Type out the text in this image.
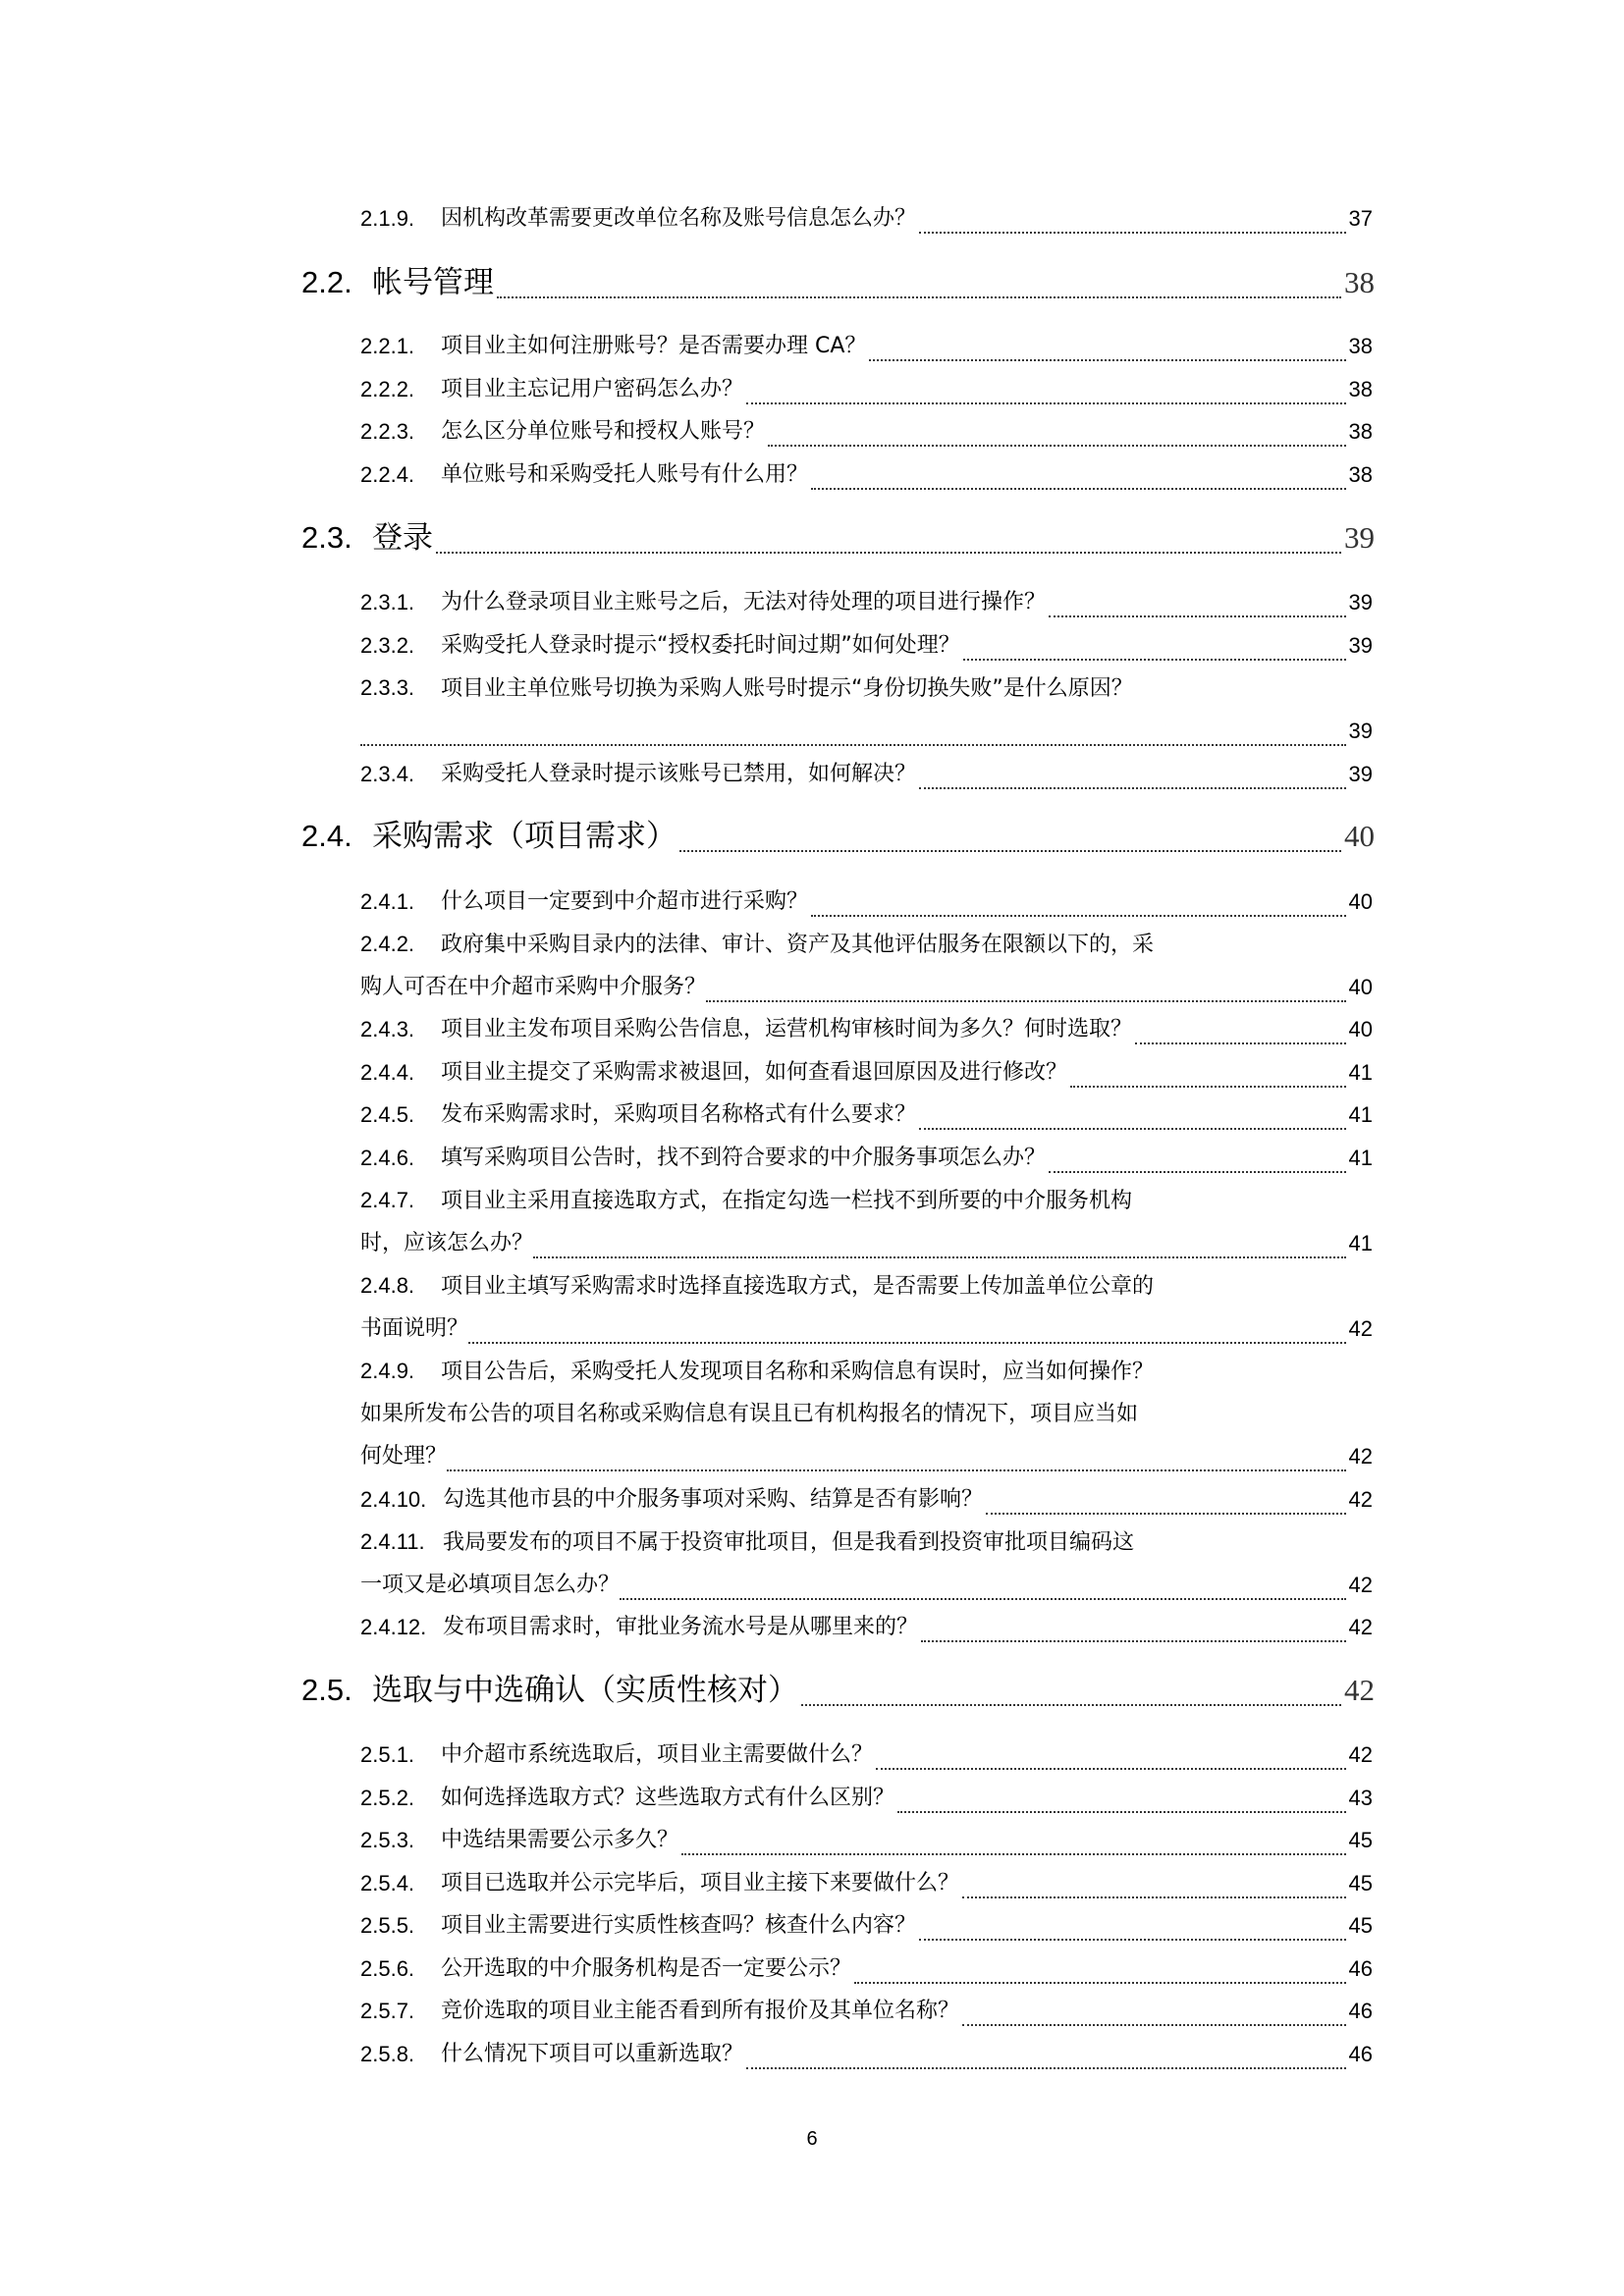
2.1.9.	因机构改革需要更改单位名称及账号信息怎么办？	37
2.2. 帐号管理	38
2.2.1.	项目业主如何注册账号？是否需要办理 CA？	38
2.2.2.	项目业主忘记用户密码怎么办？	38
2.2.3.	怎么区分单位账号和授权人账号？	38
2.2.4.	单位账号和采购受托人账号有什么用？	38
2.3. 登录	39
2.3.1.	为什么登录项目业主账号之后，无法对待处理的项目进行操作？	39
2.3.2.	采购受托人登录时提示“授权委托时间过期”如何处理？	39
2.3.3. 项目业主单位账号切换为采购人账号时提示“身份切换失败”是什么原因？
39
2.3.4.	采购受托人登录时提示该账号已禁用，如何解决？	39
2.4. 采购需求（项目需求）	40
2.4.1.	什么项目一定要到中介超市进行采购？	40
2.4.2. 政府集中采购目录内的法律、审计、资产及其他评估服务在限额以下的，采
购人可否在中介超市采购中介服务？	40
2.4.3.	项目业主发布项目采购公告信息，运营机构审核时间为多久？何时选取？	40
2.4.4.	项目业主提交了采购需求被退回，如何查看退回原因及进行修改？	41
2.4.5.	发布采购需求时，采购项目名称格式有什么要求？	41
2.4.6.	填写采购项目公告时，找不到符合要求的中介服务事项怎么办？	41
2.4.7. 项目业主采用直接选取方式，在指定勾选一栏找不到所要的中介服务机构
时，应该怎么办？	41
2.4.8. 项目业主填写采购需求时选择直接选取方式，是否需要上传加盖单位公章的
书面说明？	42
2.4.9. 项目公告后，采购受托人发现项目名称和采购信息有误时，应当如何操作？
如果所发布公告的项目名称或采购信息有误且已有机构报名的情况下，项目应当如
何处理？	42
2.4.10. 勾选其他市县的中介服务事项对采购、结算是否有影响？	42
2.4.11. 我局要发布的项目不属于投资审批项目，但是我看到投资审批项目编码这
一项又是必填项目怎么办？	42
2.4.12. 发布项目需求时，审批业务流水号是从哪里来的？	42
2.5. 选取与中选确认（实质性核对）	42
2.5.1.	中介超市系统选取后，项目业主需要做什么？	42
2.5.2.	如何选择选取方式？这些选取方式有什么区别？	43
2.5.3.	中选结果需要公示多久？	45
2.5.4.	项目已选取并公示完毕后，项目业主接下来要做什么？	45
2.5.5.	项目业主需要进行实质性核查吗？核查什么内容？	45
2.5.6.	公开选取的中介服务机构是否一定要公示？	46
2.5.7.	竞价选取的项目业主能否看到所有报价及其单位名称？	46
2.5.8.	什么情况下项目可以重新选取？	46
6
